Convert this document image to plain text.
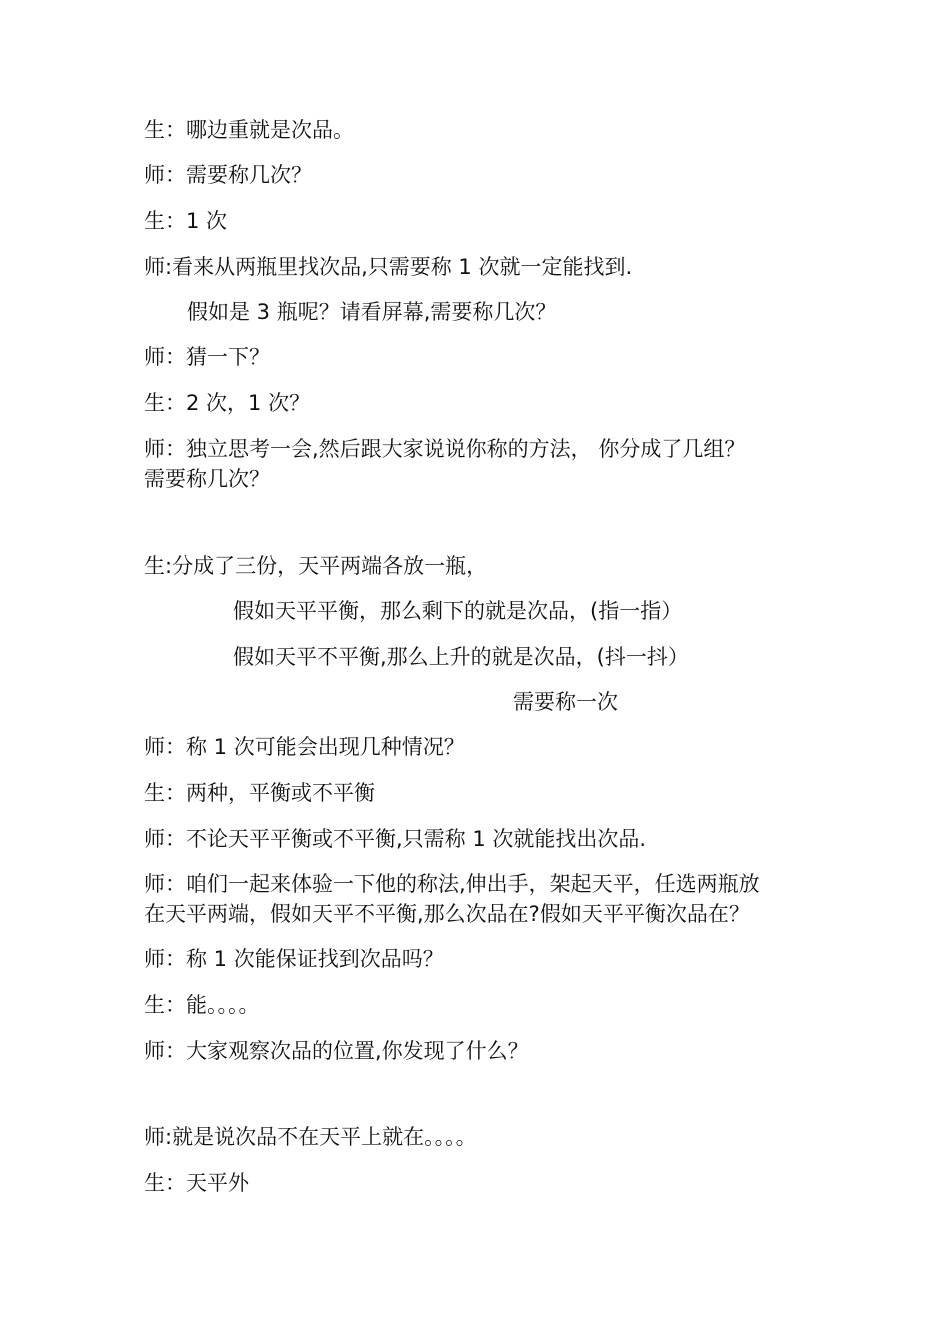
生：哪边重就是次品。
师：需要称几次？
生：1 次
师:看来从两瓶里找次品,只需要称 1 次就一定能找到.
假如是 3 瓶呢？请看屏幕,需要称几次？
师：猜一下？
生：2 次，1 次？
师：独立思考一会,然后跟大家说说你称的方法， 你分成了几组？
需要称几次？
生:分成了三份，天平两端各放一瓶，
假如天平平衡，那么剩下的就是次品，(指一指）
假如天平不平衡,那么上升的就是次品，(抖一抖）
需要称一次
师：称 1 次可能会出现几种情况？
生：两种，平衡或不平衡
师：不论天平平衡或不平衡,只需称 1 次就能找出次品.
师：咱们一起来体验一下他的称法,伸出手，架起天平，任选两瓶放
在天平两端，假如天平不平衡,那么次品在?假如天平平衡次品在？
师：称 1 次能保证找到次品吗？
生：能。。。。
师：大家观察次品的位置,你发现了什么？
师:就是说次品不在天平上就在。。。。
生：天平外
